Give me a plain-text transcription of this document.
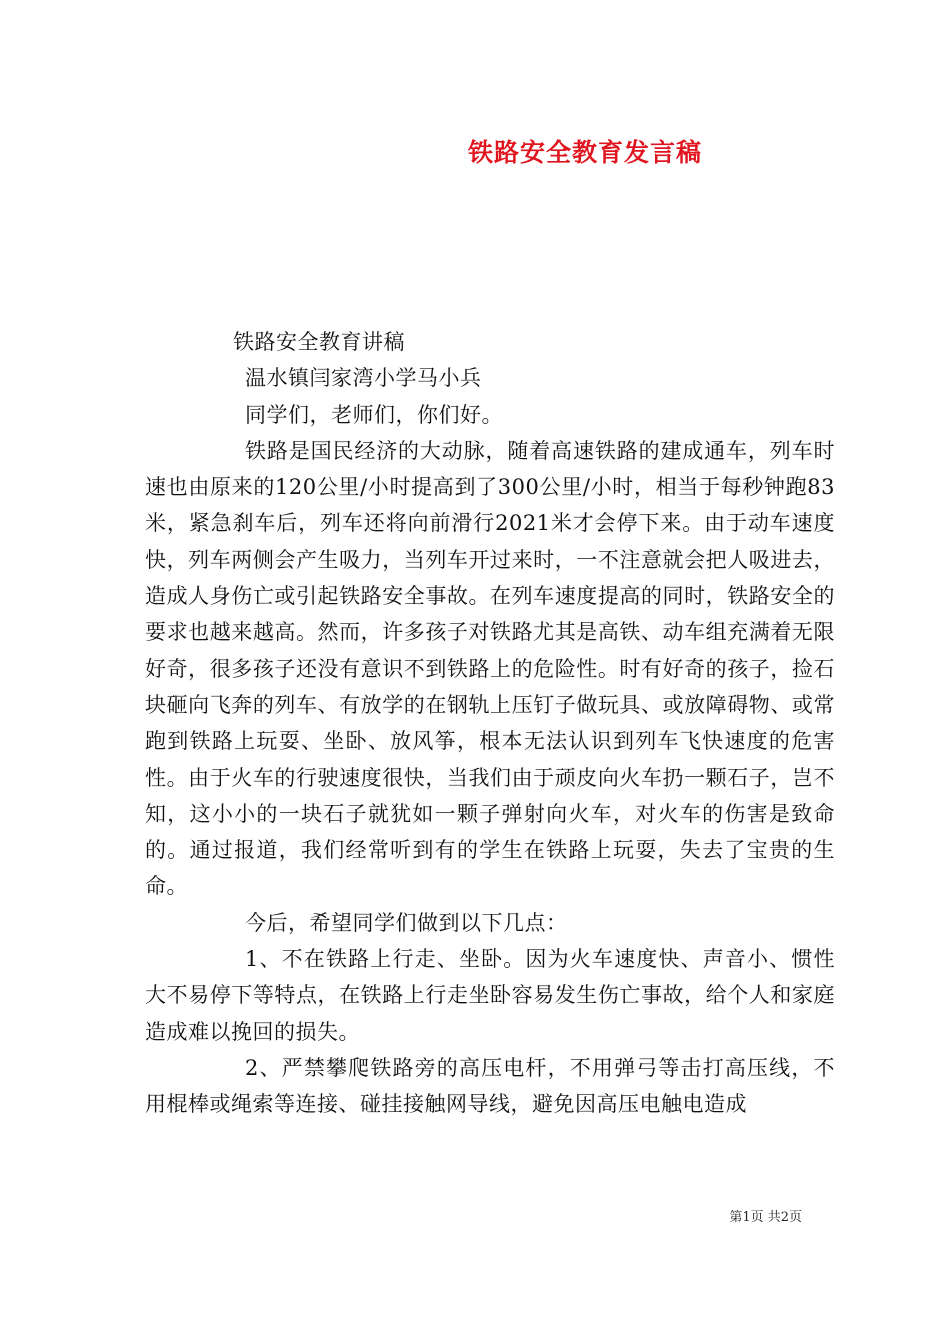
铁路安全教育发言稿

铁路安全教育讲稿

温水镇闫家湾小学马小兵

同学们，老师们，你们好。

铁路是国民经济的大动脉，随着高速铁路的建成通车，列车时速也由原来的120公里/小时提高到了300公里/小时，相当于每秒钟跑83米，紧急刹车后，列车还将向前滑行2021米才会停下来。由于动车速度快，列车两侧会产生吸力，当列车开过来时，一不注意就会把人吸进去，造成人身伤亡或引起铁路安全事故。在列车速度提高的同时，铁路安全的要求也越来越高。然而，许多孩子对铁路尤其是高铁、动车组充满着无限好奇，很多孩子还没有意识不到铁路上的危险性。时有好奇的孩子，捡石块砸向飞奔的列车、有放学的在钢轨上压钉子做玩具、或放障碍物、或常跑到铁路上玩耍、坐卧、放风筝，根本无法认识到列车飞快速度的危害性。由于火车的行驶速度很快，当我们由于顽皮向火车扔一颗石子，岂不知，这小小的一块石子就犹如一颗子弹射向火车，对火车的伤害是致命的。通过报道，我们经常听到有的学生在铁路上玩耍，失去了宝贵的生命。

今后，希望同学们做到以下几点：

1、不在铁路上行走、坐卧。因为火车速度快、声音小、惯性大不易停下等特点，在铁路上行走坐卧容易发生伤亡事故，给个人和家庭造成难以挽回的损失。

2、严禁攀爬铁路旁的高压电杆，不用弹弓等击打高压线，不用棍棒或绳索等连接、碰挂接触网导线，避免因高压电触电造成

第1页 共2页
